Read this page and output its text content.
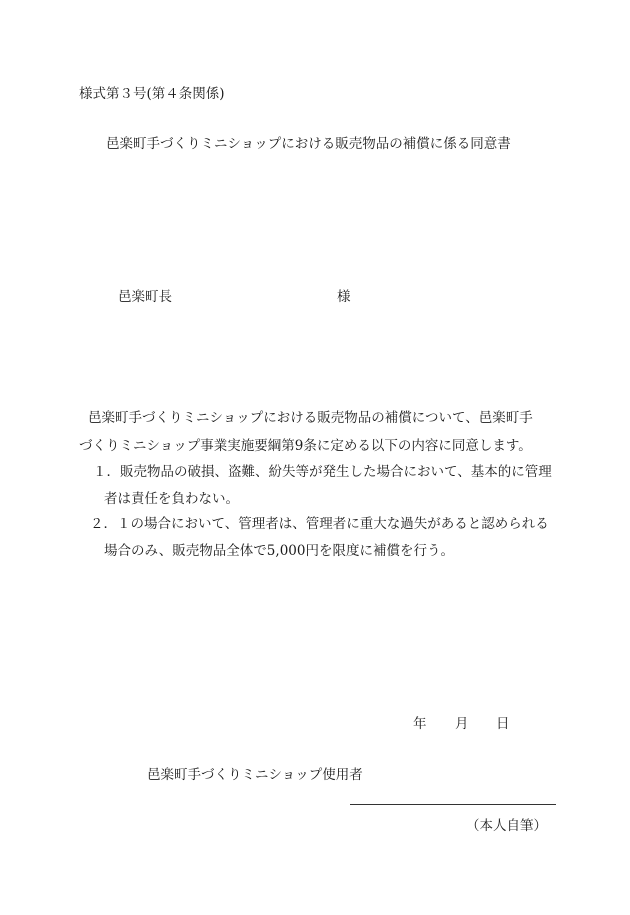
様式第３号(第４条関係)
邑楽町手づくりミニショップにおける販売物品の補償に係る同意書
邑楽町長	様
邑楽町手づくりミニショップにおける販売物品の補償について、邑楽町手
づくりミニショップ事業実施要綱第9条に定める以下の内容に同意します。
１．販売物品の破損、盗難、紛失等が発生した場合において、基本的に管理
者は責任を負わない。
２．１の場合において、管理者は、管理者に重大な過失があると認められる
場合のみ、販売物品全体で5,000円を限度に補償を行う。
年 月 日
邑楽町手づくりミニショップ使用者
（本人自筆）
